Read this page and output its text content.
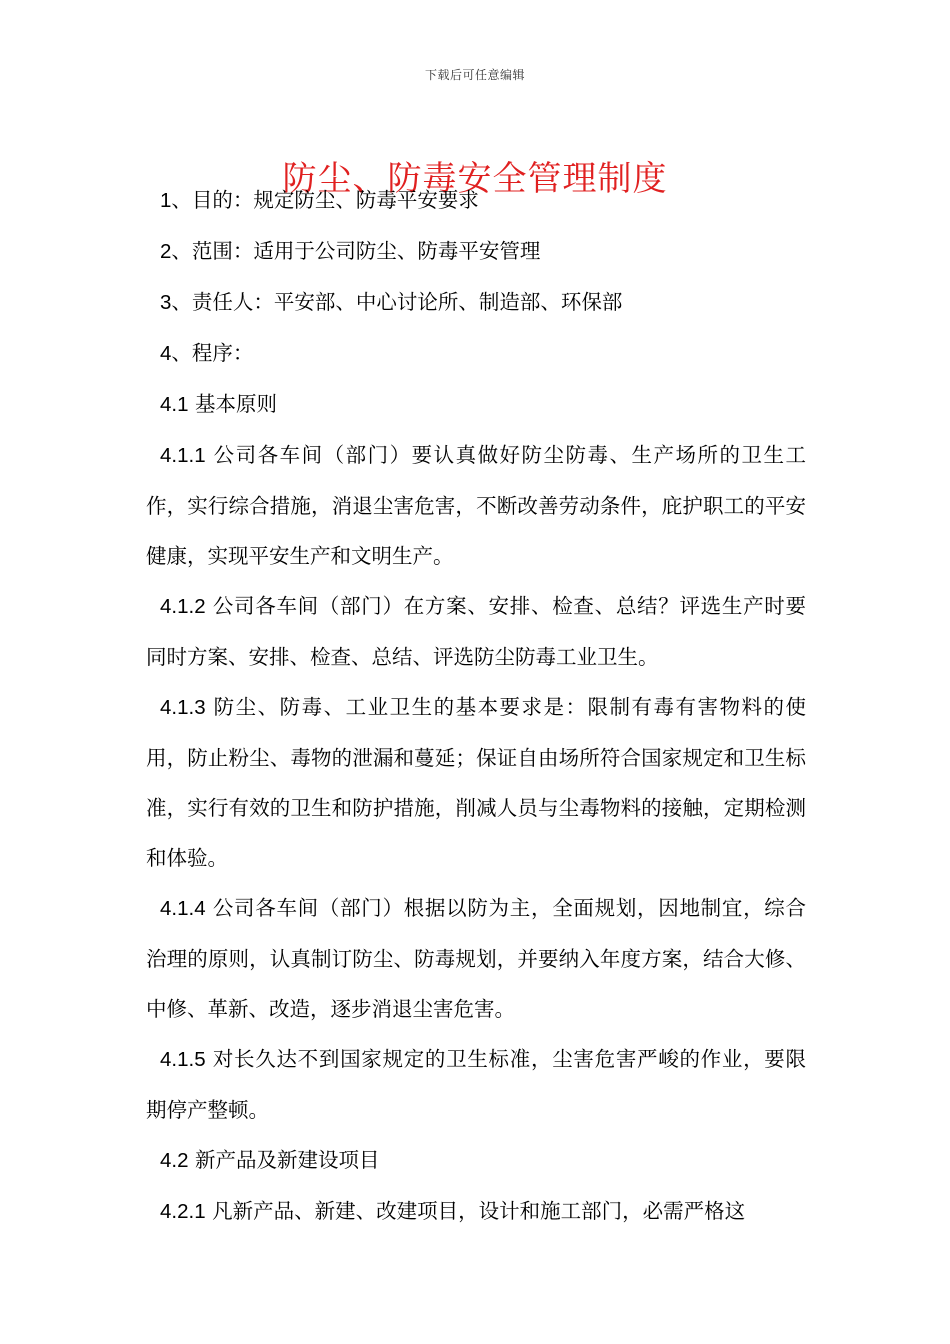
下载后可任意编辑
防尘、防毒安全管理制度

1、目的：规定防尘、防毒平安要求

2、范围：适用于公司防尘、防毒平安管理

3、责任人：平安部、中心讨论所、制造部、环保部

4、程序：

4.1 基本原则

4.1.1 公司各车间（部门）要认真做好防尘防毒、生产场所的卫生工作，实行综合措施，消退尘害危害，不断改善劳动条件，庇护职工的平安健康，实现平安生产和文明生产。

4.1.2 公司各车间（部门）在方案、安排、检查、总结？评选生产时要同时方案、安排、检查、总结、评选防尘防毒工业卫生。

4.1.3 防尘、防毒、工业卫生的基本要求是：限制有毒有害物料的使用，防止粉尘、毒物的泄漏和蔓延；保证自由场所符合国家规定和卫生标准，实行有效的卫生和防护措施，削减人员与尘毒物料的接触，定期检测和体验。

4.1.4 公司各车间（部门）根据以防为主，全面规划，因地制宜，综合治理的原则，认真制订防尘、防毒规划，并要纳入年度方案，结合大修、中修、革新、改造，逐步消退尘害危害。

4.1.5 对长久达不到国家规定的卫生标准，尘害危害严峻的作业，要限期停产整顿。

4.2 新产品及新建设项目

4.2.1 凡新产品、新建、改建项目，设计和施工部门，必需严格这
